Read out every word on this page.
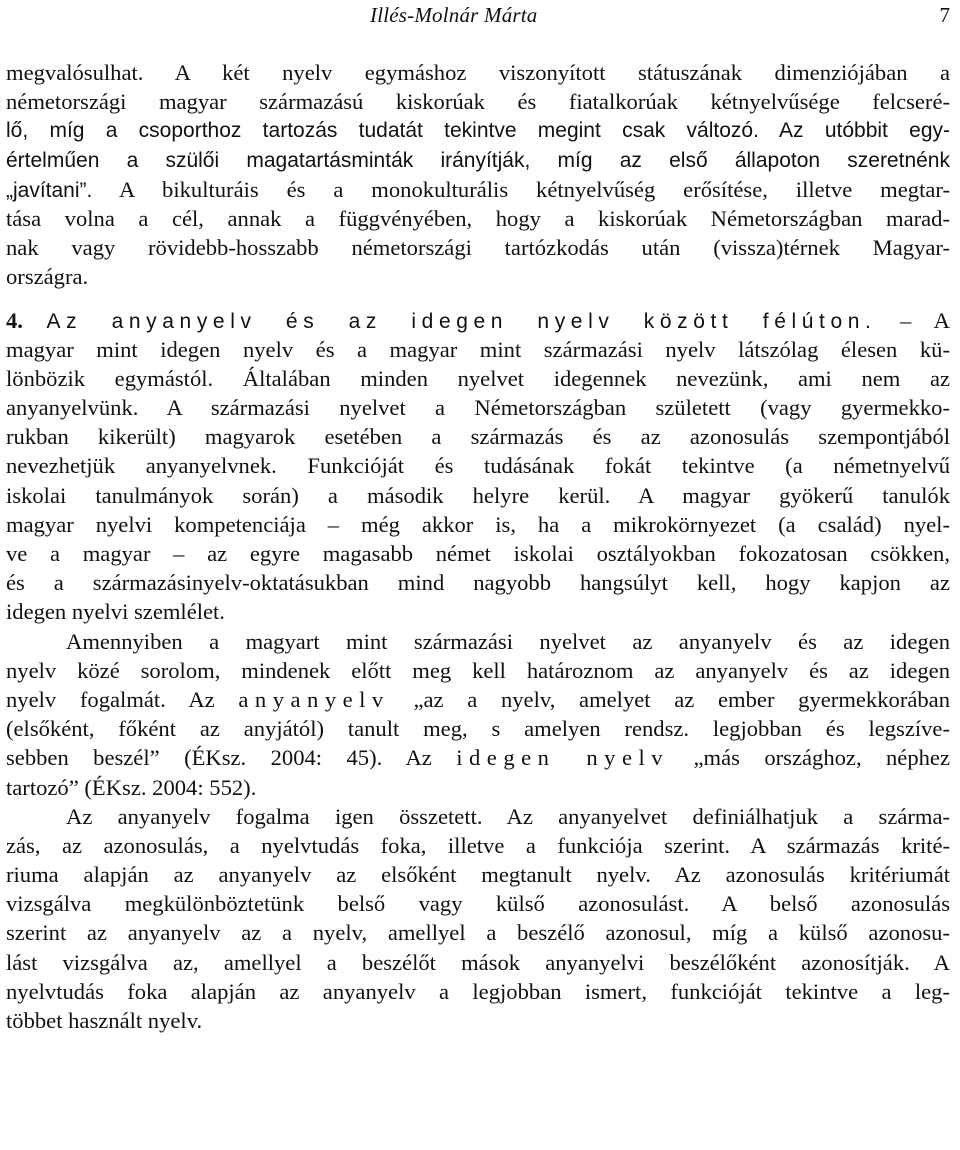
Illés-Molnár Márta	7
megvalósulhat. A két nyelv egymáshoz viszonyított státuszának dimenziójában a
németországi magyar származású kiskorúak és fiatalkorúak kétnyelvűsége felcseré-
lő, míg a csoporthoz tartozás tudatát tekintve megint csak változó. Az utóbbit egy-
értelműen a szülői magatartásminták irányítják, míg az első állapoton szeretnénk
„javítani”. A bikulturáis és a monokulturális kétnyelvűség erősítése, illetve megtar-
tása volna a cél, annak a függvényében, hogy a kiskorúak Németországban marad-
nak vagy rövidebb-hosszabb németországi tartózkodás után (vissza)térnek Magyar-
országra.
4. Az anyanyelv és az idegen nyelv között félúton. – A
magyar mint idegen nyelv és a magyar mint származási nyelv látszólag élesen kü-
lönbözik egymástól. Általában minden nyelvet idegennek nevezünk, ami nem az
anyanyelvünk. A származási nyelvet a Németországban született (vagy gyermekko-
rukban kikerült) magyarok esetében a származás és az azonosulás szempontjából
nevezhetjük anyanyelvnek. Funkcióját és tudásának fokát tekintve (a németnyelvű
iskolai tanulmányok során) a második helyre kerül. A magyar gyökerű tanulók
magyar nyelvi kompetenciája – még akkor is, ha a mikrokörnyezet (a család) nyel-
ve a magyar – az egyre magasabb német iskolai osztályokban fokozatosan csökken,
és a származásinyelv-oktatásukban mind nagyobb hangsúlyt kell, hogy kapjon az
idegen nyelvi szemlélet.
Amennyiben a magyart mint származási nyelvet az anyanyelv és az idegen
nyelv közé sorolom, mindenek előtt meg kell határoznom az anyanyelv és az idegen
nyelv fogalmát. Az anyanyelv „az a nyelv, amelyet az ember gyermekkorában
(elsőként, főként az anyjától) tanult meg, s amelyen rendsz. legjobban és legszíve-
sebben beszél” (ÉKsz. 2004: 45). Az idegen nyelv „más országhoz, néphez
tartozó” (ÉKsz. 2004: 552).
Az anyanyelv fogalma igen összetett. Az anyanyelvet definiálhatjuk a szárma-
zás, az azonosulás, a nyelvtudás foka, illetve a funkciója szerint. A származás krité-
riuma alapján az anyanyelv az elsőként megtanult nyelv. Az azonosulás kritériumát
vizsgálva megkülönböztetünk belső vagy külső azonosulást. A belső azonosulás
szerint az anyanyelv az a nyelv, amellyel a beszélő azonosul, míg a külső azonosu-
lást vizsgálva az, amellyel a beszélőt mások anyanyelvi beszélőként azonosítják. A
nyelvtudás foka alapján az anyanyelv a legjobban ismert, funkcióját tekintve a leg-
többet használt nyelv.
